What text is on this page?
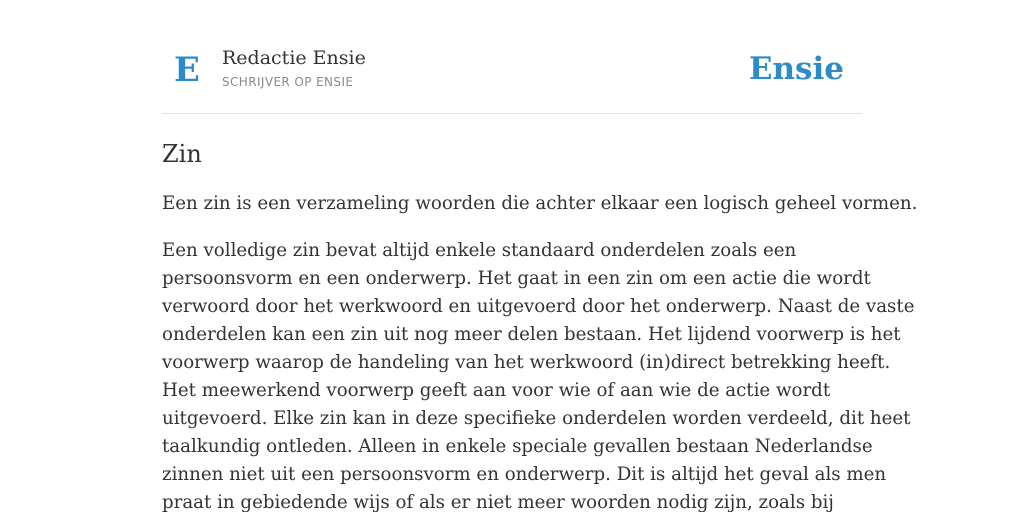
E Redactie Ensie
SCHRIJVER OP ENSIE	Ensie
Zin

Een zin is een verzameling woorden die achter elkaar een logisch geheel vormen.

Een volledige zin bevat altijd enkele standaard onderdelen zoals een
persoonsvorm en een onderwerp. Het gaat in een zin om een actie die wordt
verwoord door het werkwoord en uitgevoerd door het onderwerp. Naast de vaste
onderdelen kan een zin uit nog meer delen bestaan. Het lijdend voorwerp is het
voorwerp waarop de handeling van het werkwoord (in)direct betrekking heeft.
Het meewerkend voorwerp geeft aan voor wie of aan wie de actie wordt
uitgevoerd. Elke zin kan in deze specifieke onderdelen worden verdeeld, dit heet
taalkundig ontleden. Alleen in enkele speciale gevallen bestaan Nederlandse
zinnen niet uit een persoonsvorm en onderwerp. Dit is altijd het geval als men
praat in gebiedende wijs of als er niet meer woorden nodig zijn, zoals bij
